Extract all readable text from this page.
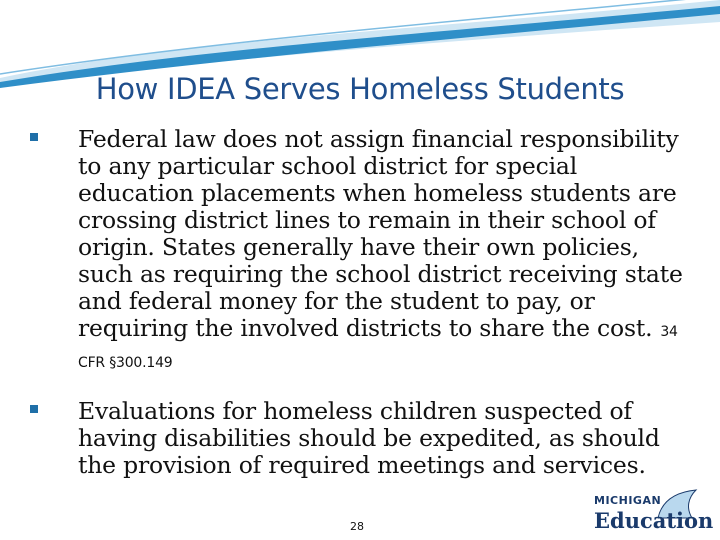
How IDEA Serves Homeless Students

Federal law does not assign financial responsibility to any particular school district for special education placements when homeless students are crossing district lines to remain in their school of origin. States generally have their own policies, such as requiring the school district receiving state and federal money for the student to pay, or requiring the involved districts to share the cost. 34 CFR §300.149

Evaluations for homeless children suspected of having disabilities should be expedited, as should the provision of required meetings and services.

28
MICHIGAN
Education
